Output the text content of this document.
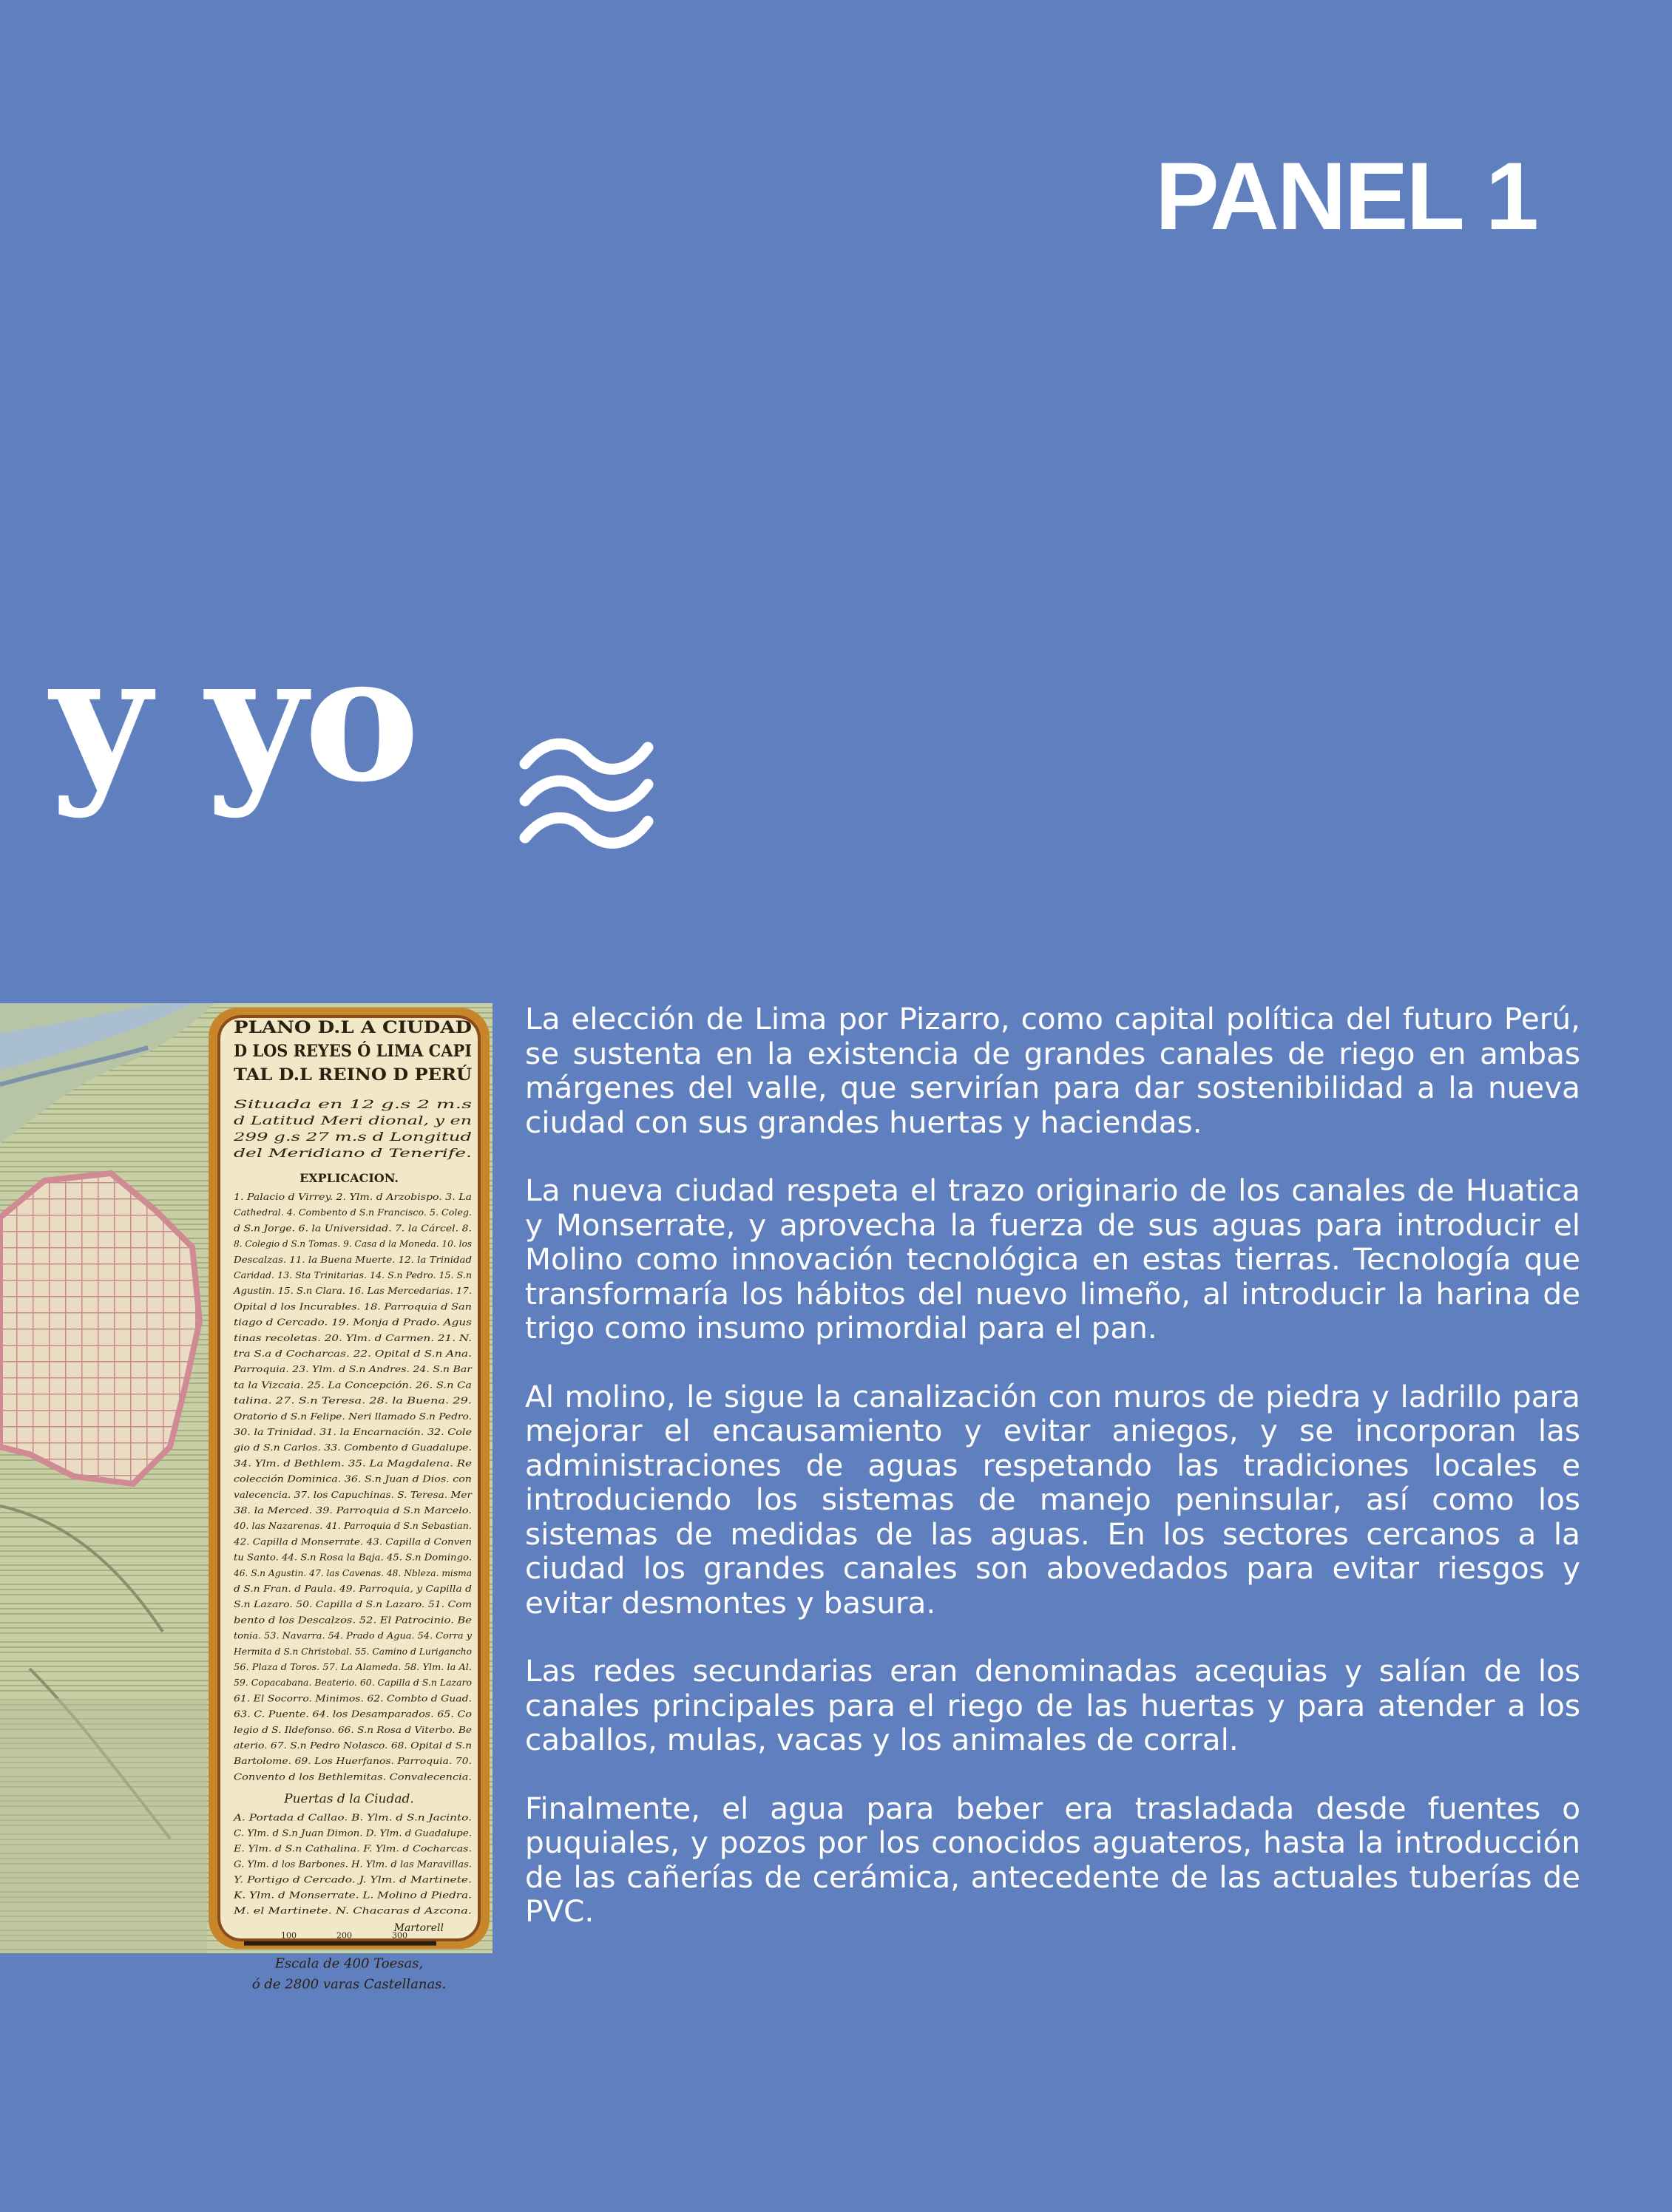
PANEL 1
y yo
PLANO D.L A CIUDAD
D LOS REYES Ó LIMA CAPI
TAL D.L REINO D PERÚ
Situada en 12 g.s 2 m.s
d Latitud Meri dional, y en
299 g.s 27 m.s d Longitud
del Meridiano d Tenerife.
EXPLICACION.
1. Palacio d Virrey. 2. Ylm. d Arzobispo. 3. La
Cathedral. 4. Combento d S.n Francisco. 5. Coleg.
d S.n Jorge. 6. la Universidad. 7. la Cárcel. 8.
8. Colegio d S.n Tomas. 9. Casa d la Moneda. 10. los
Descalzas. 11. la Buena Muerte. 12. la Trinidad
Caridad. 13. Sta Trinitarias. 14. S.n Pedro. 15. S.n
Agustin. 15. S.n Clara. 16. Las Mercedarias. 17.
Opital d los Incurables. 18. Parroquia d San
tiago d Cercado. 19. Monja d Prado. Agus
tinas recoletas. 20. Ylm. d Carmen. 21. N.
tra S.a d Cocharcas. 22. Opital d S.n Ana.
Parroquia. 23. Ylm. d S.n Andres. 24. S.n Bar
ta la Vizcaia. 25. La Concepción. 26. S.n Ca
talina. 27. S.n Teresa. 28. la Buena. 29.
Oratorio d S.n Felipe. Neri llamado S.n Pedro.
30. la Trinidad. 31. la Encarnación. 32. Cole
gio d S.n Carlos. 33. Combento d Guadalupe.
34. Ylm. d Bethlem. 35. La Magdalena. Re
colección Dominica. 36. S.n Juan d Dios. con
valecencia. 37. los Capuchinas. S. Teresa. Mer
38. la Merced. 39. Parroquia d S.n Marcelo.
40. las Nazarenas. 41. Parroquia d S.n Sebastian.
42. Capilla d Monserrate. 43. Capilla d Conven
tu Santo. 44. S.n Rosa la Baja. 45. S.n Domingo.
46. S.n Agustin. 47. las Cavenas. 48. Nbleza. misma
d S.n Fran. d Paula. 49. Parroquia, y Capilla d
S.n Lazaro. 50. Capilla d S.n Lazaro. 51. Com
bento d los Descalzos. 52. El Patrocinio. Be
tonia. 53. Navarra. 54. Prado d Agua. 54. Corra y
Hermita d S.n Christobal. 55. Camino d Lurigancho
56. Plaza d Toros. 57. La Alameda. 58. Ylm. la Al.
59. Copacabana. Beaterio. 60. Capilla d S.n Lazaro
61. El Socorro. Minimos. 62. Combto d Guad.
63. C. Puente. 64. los Desamparados. 65. Co
legio d S. Ildefonso. 66. S.n Rosa d Viterbo. Be
aterio. 67. S.n Pedro Nolasco. 68. Opital d S.n
Bartolome. 69. Los Huerfanos. Parroquia. 70.
Convento d los Bethlemitas. Convalecencia.
Puertas d la Ciudad.
A. Portada d Callao. B. Ylm. d S.n Jacinto.
C. Ylm. d S.n Juan Dimon. D. Ylm. d Guadalupe.
E. Ylm. d S.n Cathalina. F. Ylm. d Cocharcas.
G. Ylm. d los Barbones. H. Ylm. d las Maravillas.
Y. Portigo d Cercado. J. Ylm. d Martinete.
K. Ylm. d Monserrate. L. Molino d Piedra.
M. el Martinete. N. Chacaras d Azcona.
100	200	300
Escala de 400 Toesas,
ó de 2800 varas Castellanas.
Martorell

La elección de Lima por Pizarro, como capital política del futuro Perú, se sustenta en la existencia de grandes canales de riego en ambas márgenes del valle, que servirían para dar sostenibilidad a la nueva ciudad con sus grandes huertas y haciendas.

La nueva ciudad respeta el trazo originario de los canales de Huatica y Monserrate, y aprovecha la fuerza de sus aguas para introducir el Molino como innovación tecnológica en estas tierras. Tecnología que transformaría los hábitos del nuevo limeño, al introducir la harina de trigo como insumo primordial para el pan.

Al molino, le sigue la canalización con muros de piedra y ladrillo para mejorar el encausamiento y evitar aniegos, y se incorporan las administraciones de aguas respetando las tradiciones locales e introduciendo los sistemas de manejo peninsular, así como los sistemas de medidas de las aguas. En los sectores cercanos a la ciudad los grandes canales son abovedados para evitar riesgos y evitar desmontes y basura.

Las redes secundarias eran denominadas acequias y salían de los canales principales para el riego de las huertas y para atender a los caballos, mulas, vacas y los animales de corral.

Finalmente, el agua para beber era trasladada desde fuentes o puquiales, y pozos por los conocidos aguateros, hasta la introducción de las cañerías de cerámica, antecedente de las actuales tuberías de PVC.
